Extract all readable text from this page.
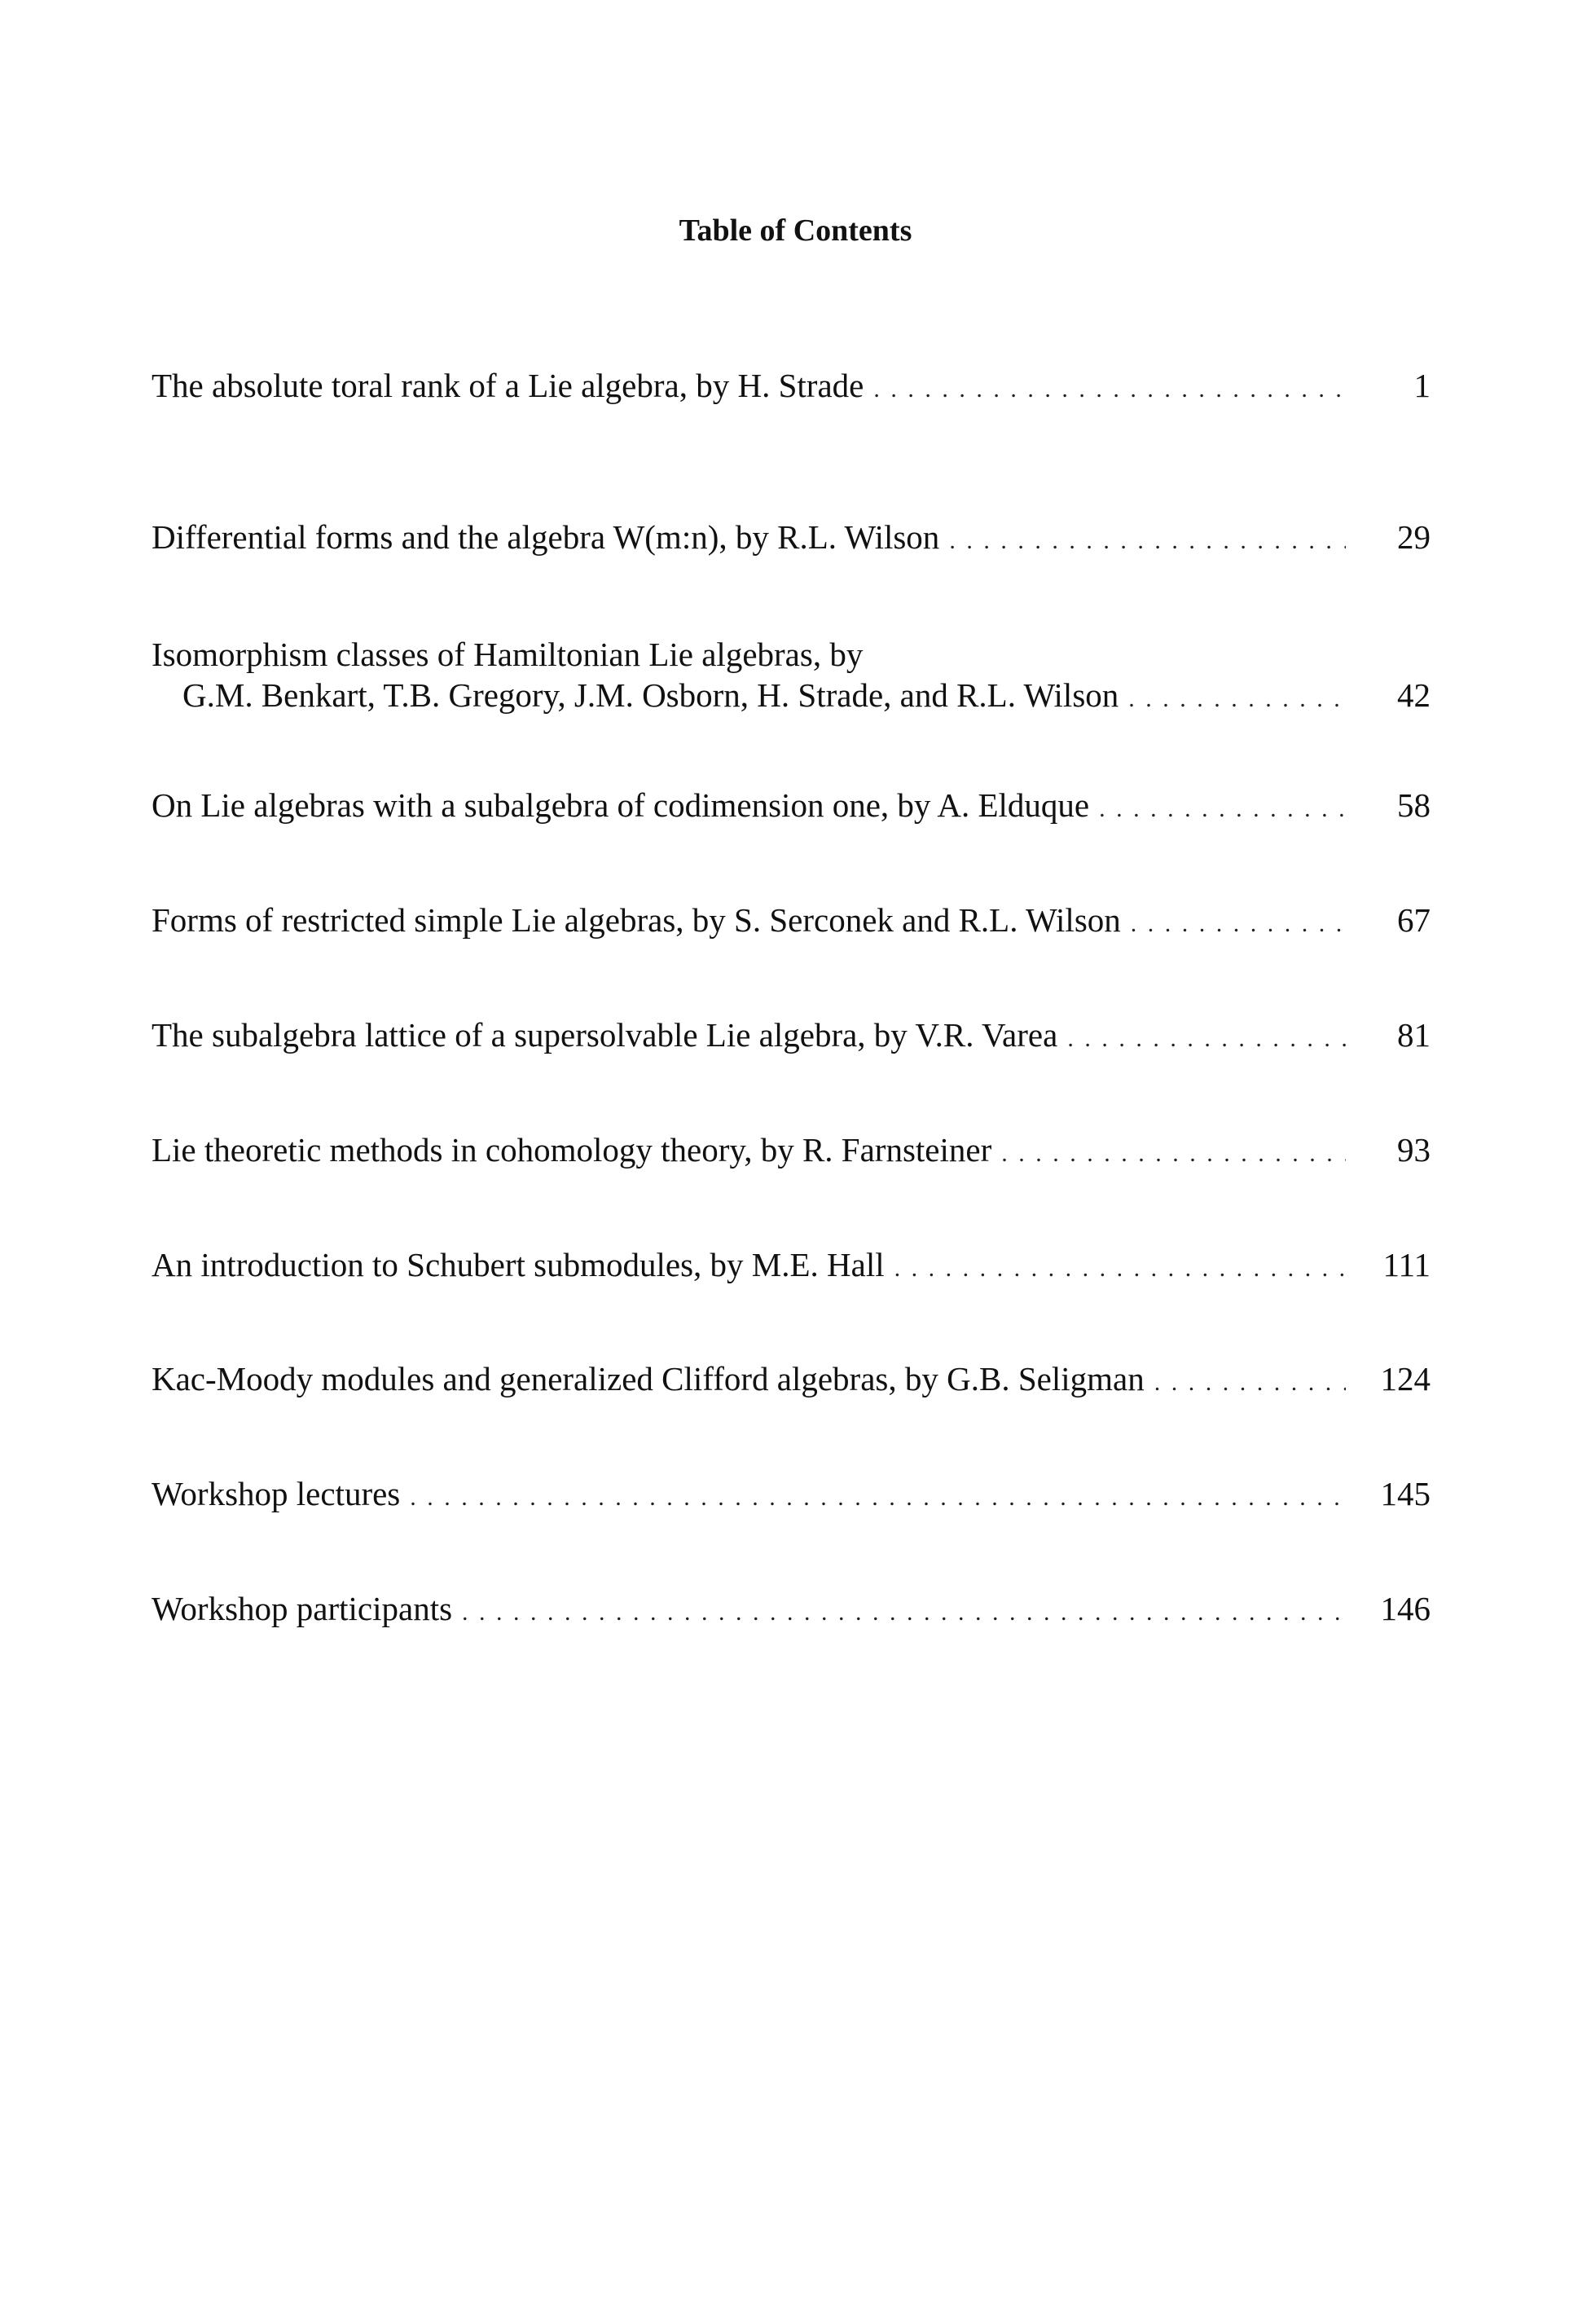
Table of Contents
The absolute toral rank of a Lie algebra, by H. Strade . . .	1
Differential forms and the algebra W(m:n), by R.L. Wilson . . .	29
Isomorphism classes of Hamiltonian Lie algebras, by
G.M. Benkart, T.B. Gregory, J.M. Osborn, H. Strade, and R.L. Wilson . . .	42
On Lie algebras with a subalgebra of codimension one, by A. Elduque . . .	58
Forms of restricted simple Lie algebras, by S. Serconek and R.L. Wilson . . .	67
The subalgebra lattice of a supersolvable Lie algebra, by V.R. Varea . . .	81
Lie theoretic methods in cohomology theory, by R. Farnsteiner . . .	93
An introduction to Schubert submodules, by M.E. Hall . . .	111
Kac-Moody modules and generalized Clifford algebras, by G.B. Seligman . . .	124
Workshop lectures . . .	145
Workshop participants . . .	146
